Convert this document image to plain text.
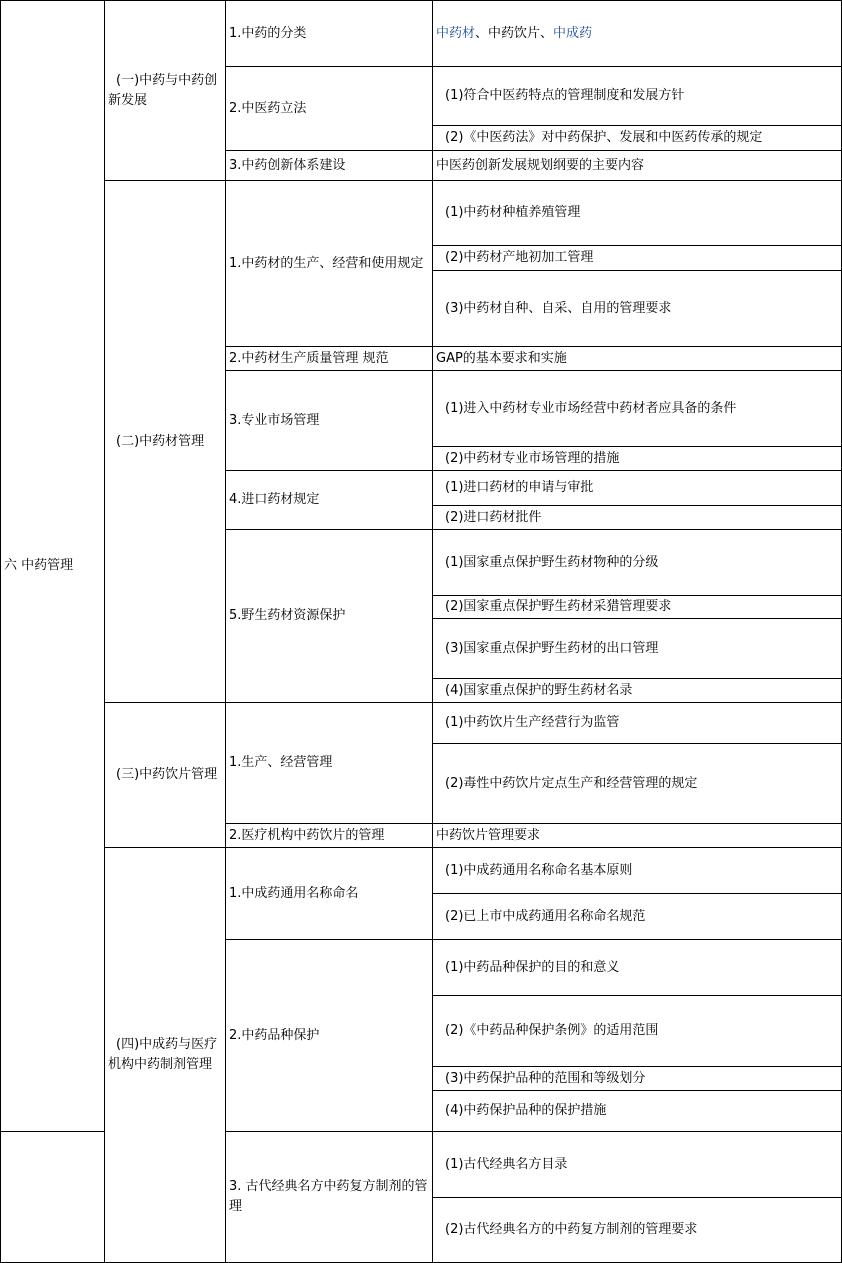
六 中药管理
(一)中药与中药创新发展
(二)中药材管理
(三)中药饮片管理
(四)中成药与医疗机构中药制剂管理
1.中药的分类
2.中医药立法
3.中药创新体系建设
1.中药材的生产、经营和使用规定
2.中药材生产质量管理 规范
3.专业市场管理
4.进口药材规定
5.野生药材资源保护
1.生产、经营管理
2.医疗机构中药饮片的管理
1.中成药通用名称命名
2.中药品种保护
3. 古代经典名方中药复方制剂的管理
中药材、中药饮片、中成药
(1)符合中医药特点的管理制度和发展方针
(2)《中医药法》对中药保护、发展和中医药传承的规定
中医药创新发展规划纲要的主要内容
(1)中药材种植养殖管理
(2)中药材产地初加工管理
(3)中药材自种、自采、自用的管理要求
GAP的基本要求和实施
(1)进入中药材专业市场经营中药材者应具备的条件
(2)中药材专业市场管理的措施
(1)进口药材的申请与审批
(2)进口药材批件
(1)国家重点保护野生药材物种的分级
(2)国家重点保护野生药材采猎管理要求
(3)国家重点保护野生药材的出口管理
(4)国家重点保护的野生药材名录
(1)中药饮片生产经营行为监管
(2)毒性中药饮片定点生产和经营管理的规定
中药饮片管理要求
(1)中成药通用名称命名基本原则
(2)已上市中成药通用名称命名规范
(1)中药品种保护的目的和意义
(2)《中药品种保护条例》的适用范围
(3)中药保护品种的范围和等级划分
(4)中药保护品种的保护措施
(1)古代经典名方目录
(2)古代经典名方的中药复方制剂的管理要求
